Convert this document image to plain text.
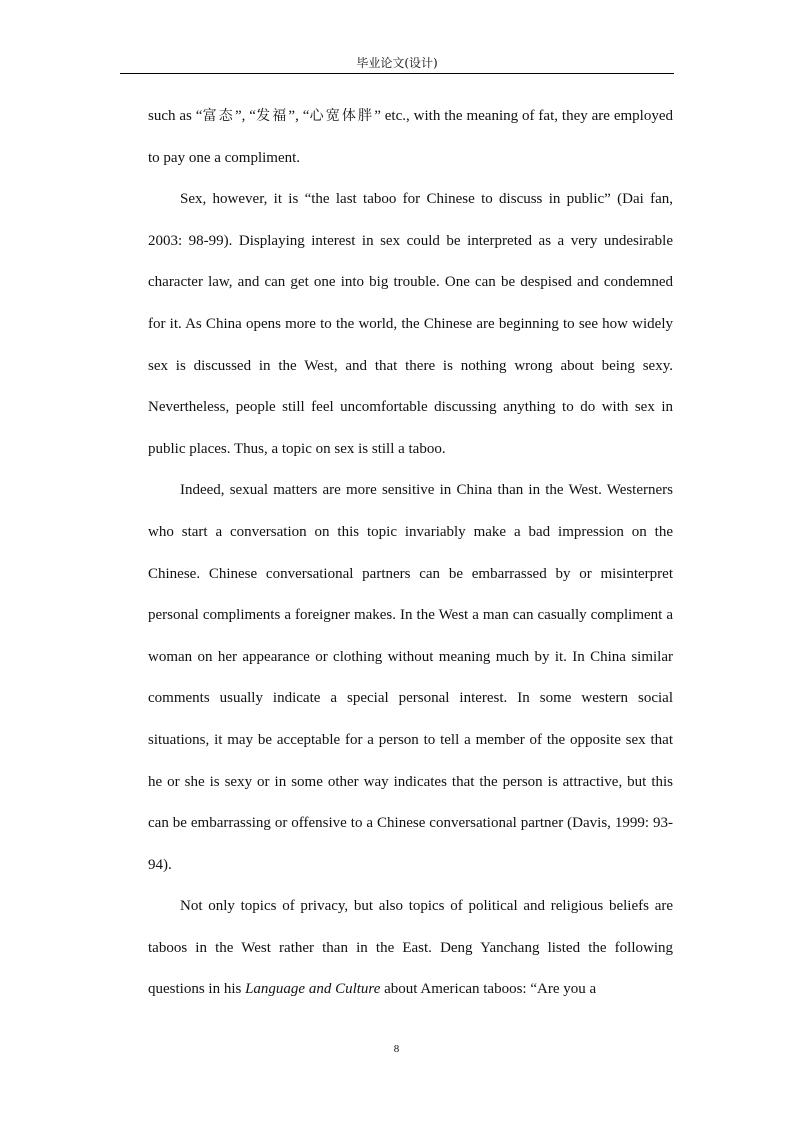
毕业论文(设计)

such as “富态”, “发福”, “心宽体胖” etc., with the meaning of fat, they are employed to pay one a compliment.

Sex, however, it is “the last taboo for Chinese to discuss in public” (Dai fan, 2003: 98-99). Displaying interest in sex could be interpreted as a very undesirable character law, and can get one into big trouble. One can be despised and condemned for it. As China opens more to the world, the Chinese are beginning to see how widely sex is discussed in the West, and that there is nothing wrong about being sexy. Nevertheless, people still feel uncomfortable discussing anything to do with sex in public places. Thus, a topic on sex is still a taboo.

Indeed, sexual matters are more sensitive in China than in the West. Westerners who start a conversation on this topic invariably make a bad impression on the Chinese. Chinese conversational partners can be embarrassed by or misinterpret personal compliments a foreigner makes. In the West a man can casually compliment a woman on her appearance or clothing without meaning much by it. In China similar comments usually indicate a special personal interest. In some western social situations, it may be acceptable for a person to tell a member of the opposite sex that he or she is sexy or in some other way indicates that the person is attractive, but this can be embarrassing or offensive to a Chinese conversational partner (Davis, 1999: 93-94).

Not only topics of privacy, but also topics of political and religious beliefs are taboos in the West rather than in the East. Deng Yanchang listed the following questions in his Language and Culture about American taboos: “Are you a

8
